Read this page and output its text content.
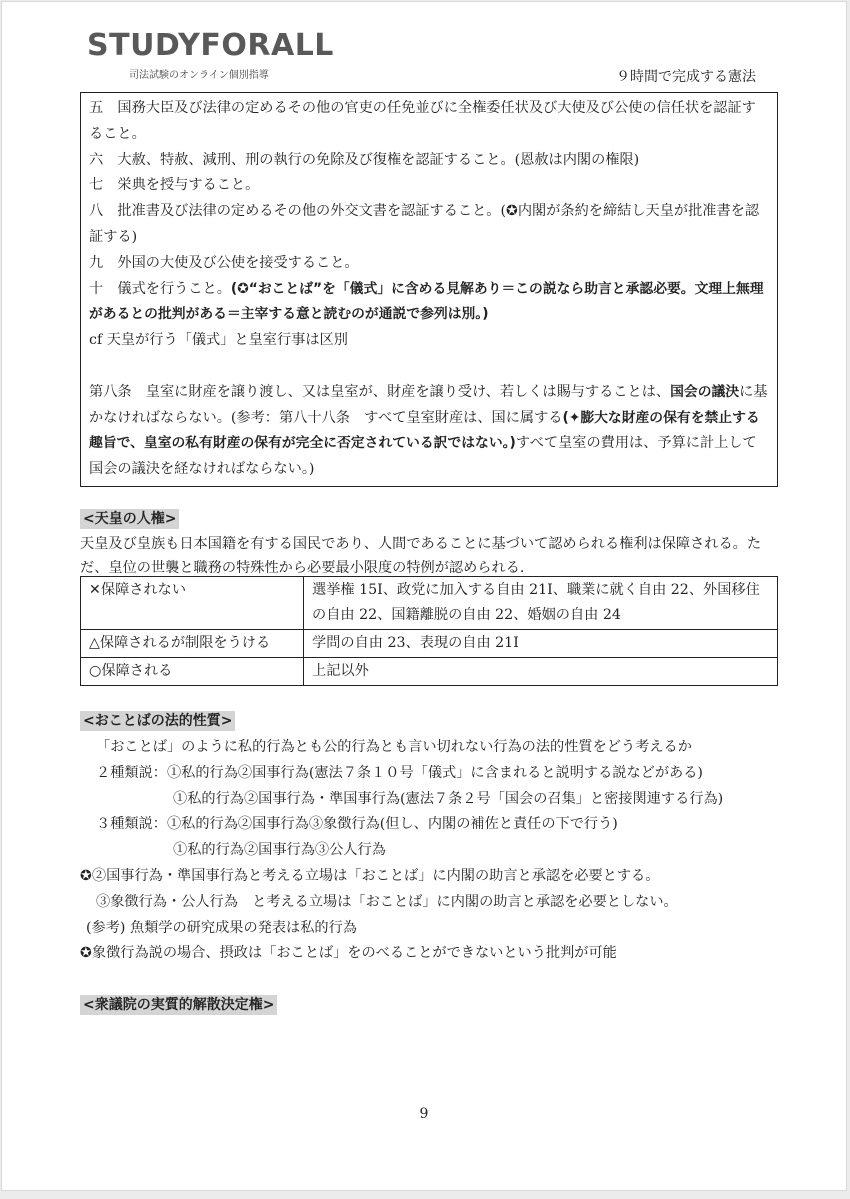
STUDYFORALL
司法試験のオンライン個別指導	９時間で完成する憲法

五　国務大臣及び法律の定めるその他の官吏の任免並びに全権委任状及び大使及び公使の信任状を認証すること。

六　大赦、特赦、減刑、刑の執行の免除及び復権を認証すること。(恩赦は内閣の権限)

七　栄典を授与すること。

八　批准書及び法律の定めるその他の外交文書を認証すること。(✪内閣が条約を締結し天皇が批准書を認証する)

九　外国の大使及び公使を接受すること。

十　儀式を行うこと。(✪“おことば”を「儀式」に含める見解あり＝この説なら助言と承認必要。文理上無理があるとの批判がある＝主宰する意と読むのが通説で参列は別。)

cf 天皇が行う「儀式」と皇室行事は区別

第八条　皇室に財産を譲り渡し、又は皇室が、財産を譲り受け、若しくは賜与することは、国会の議決に基かなければならない。(参考：第八十八条　すべて皇室財産は、国に属する(✦膨大な財産の保有を禁止する趣旨で、皇室の私有財産の保有が完全に否定されている訳ではない。)すべて皇室の費用は、予算に計上して国会の議決を経なければならない。)

<天皇の人権>

天皇及び皇族も日本国籍を有する国民であり、人間であることに基づいて認められる権利は保障される。ただ、皇位の世襲と職務の特殊性から必要最小限度の特例が認められる.

✕保障されない	選挙権 15Ⅰ、政党に加入する自由 21Ⅰ、職業に就く自由 22、外国移住の自由 22、国籍離脱の自由 22、婚姻の自由 24
△保障されるが制限をうける	学問の自由 23、表現の自由 21Ⅰ
○保障される	上記以外
<おことばの法的性質>
「おことば」のように私的行為とも公的行為とも言い切れない行為の法的性質をどう考えるか
２種類説：①私的行為②国事行為(憲法７条１０号「儀式」に含まれると説明する説などがある)
①私的行為②国事行為・準国事行為(憲法７条２号「国会の召集」と密接関連する行為)
３種類説：①私的行為②国事行為③象徴行為(但し、内閣の補佐と責任の下で行う)
①私的行為②国事行為③公人行為
✪②国事行為・準国事行為と考える立場は「おことば」に内閣の助言と承認を必要とする。
③象徴行為・公人行為　と考える立場は「おことば」に内閣の助言と承認を必要としない。
(参考) 魚類学の研究成果の発表は私的行為
✪象徴行為説の場合、摂政は「おことば」をのべることができないという批判が可能
<衆議院の実質的解散決定権>
9
